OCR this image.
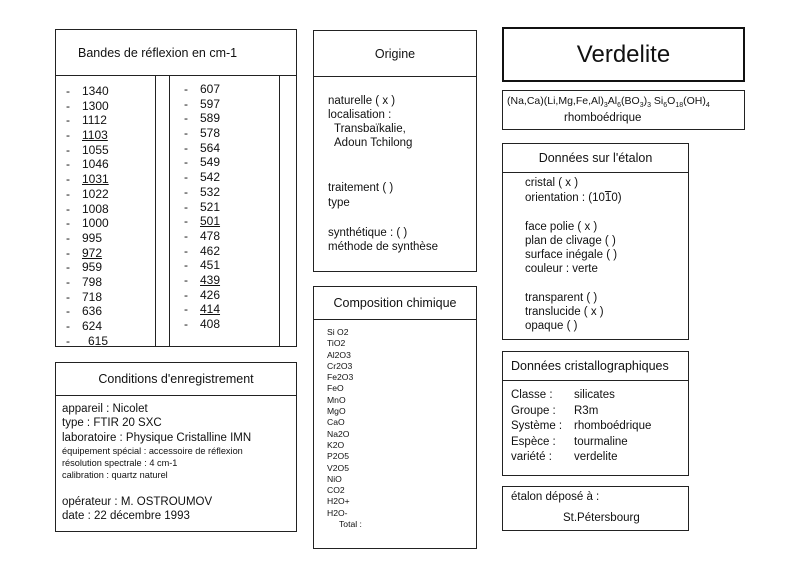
Bandes de réflexion en cm-1
-	1340
-	1300
-	1112
-	1103
-	1055
-	1046
-	1031
-	1022
-	1008
-	1000
-	995
-	972
-	959
-	798
-	718
-	636
-	624
-	615
-	607
-	597
-	589
-	578
-	564
-	549
-	542
-	532
-	521
-	501
-	478
-	462
-	451
-	439
-	426
-	414
-	408
Origine
naturelle ( x )
localisation :
Transbaïkalie,
Adoun Tchilong
traitement ( )
type
synthétique : ( )
méthode de synthèse
Composition chimique
Si O2
TiO2
Al2O3
Cr2O3
Fe2O3
FeO
MnO
MgO
CaO
Na2O
K2O
P2O5
V2O5
NiO
CO2
H2O+
H2O-
Total :
Verdelite
$(Na,Ca)(Li,Mg,Fe,Al)_3Al_6(BO_3)_3$ $Si_6O_{18}(OH)_4$
rhomboédrique
Données sur l'étalon
cristal ( x )
orientation : (1010)
face polie ( x )
plan de clivage ( )
surface inégale ( )
couleur : verte
transparent ( )
translucide ( x )
opaque ( )
Données cristallographiques
Classe :	silicates
Groupe :	R3m
Système :	rhomboédrique
Espèce :	tourmaline
variété :	verdelite
étalon déposé à :
St.Pétersbourg
Conditions d'enregistrement
appareil : Nicolet
type : FTIR 20 SXC
laboratoire : Physique Cristalline IMN
équipement spécial : accessoire de réflexion
résolution spectrale : 4 cm-1
calibration : quartz naturel
opérateur : M. OSTROUMOV
date : 22 décembre 1993
